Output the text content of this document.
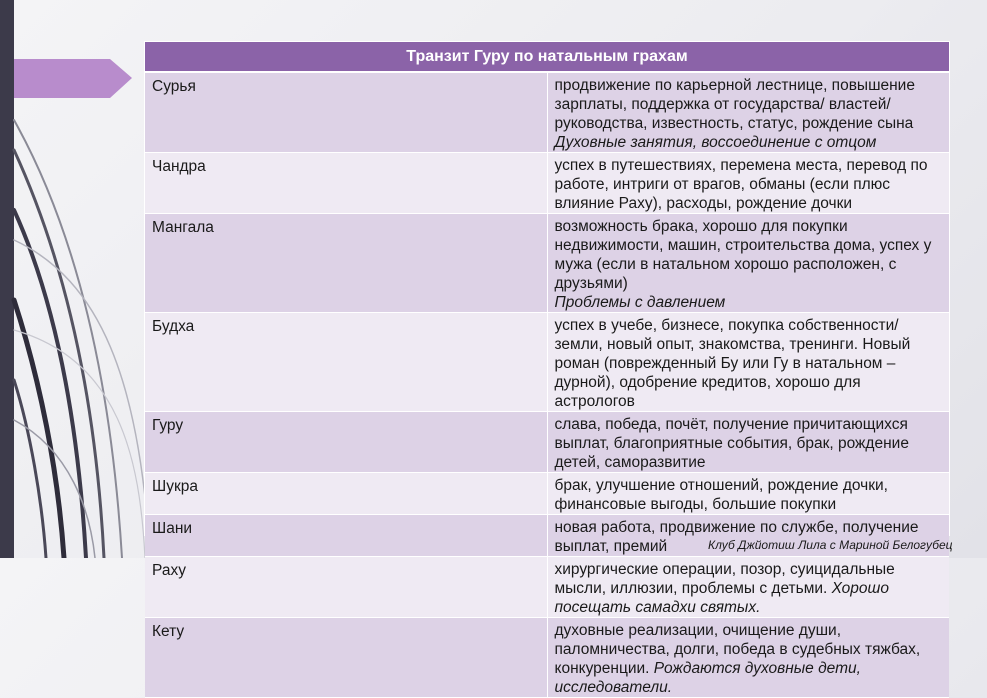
Транзит Гуру по натальным грахам	
Сурья	продвижение по карьерной лестнице, повышение зарплаты, поддержка от государства/ властей/ руководства, известность, статус, рождение сына
Духовные занятия, воссоединение с отцом
Чандра	успех в путешествиях, перемена места, перевод по работе, интриги от врагов, обманы (если плюс влияние Раху), расходы, рождение дочки
Мангала	возможность брака, хорошо для покупки недвижимости, машин, строительства дома, успех у мужа (если в натальном хорошо расположен, с друзьями)
Проблемы с давлением
Будха	успех в учебе, бизнесе, покупка собственности/земли, новый опыт, знакомства, тренинги. Новый роман (поврежденный Бу или Гу в натальном – дурной), одобрение кредитов, хорошо для астрологов
Гуру	слава, победа, почёт, получение причитающихся выплат, благоприятные события, брак, рождение детей, саморазвитие
Шукра	брак, улучшение отношений, рождение дочки, финансовые выгоды, большие покупки
Шани	новая работа, продвижение по службе, получение выплат, премий
Раху	хирургические операции, позор, суицидальные мысли, иллюзии, проблемы с детьми. Хорошо посещать самадхи святых.
Кету	духовные реализации, очищение души, паломничества, долги, победа в судебных тяжбах, конкуренции. Рождаются духовные дети, исследователи.
Клуб Джйотиш Лила с Мариной Белогубец
